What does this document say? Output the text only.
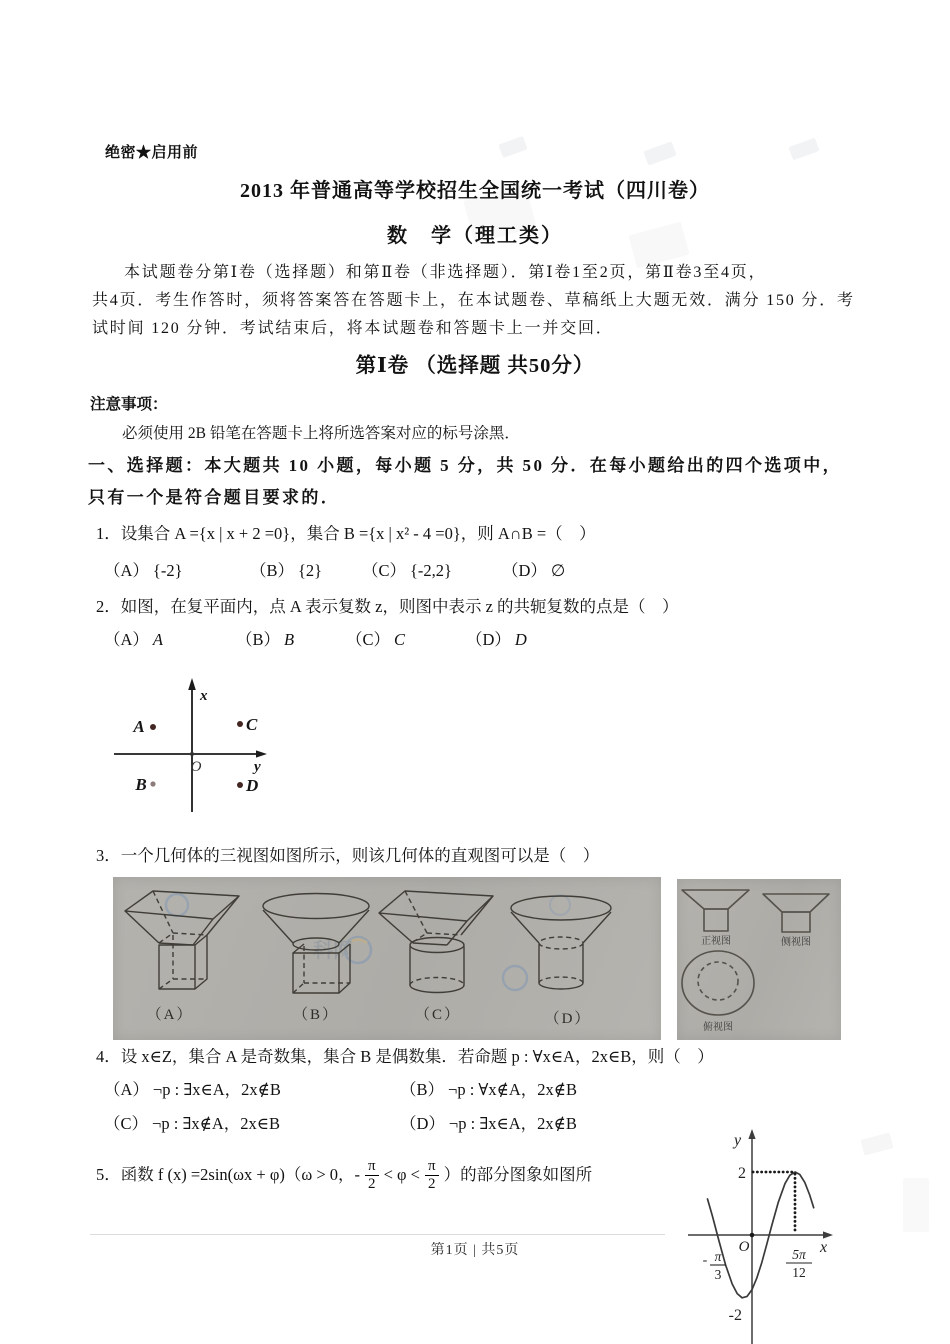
绝密★启用前
2013 年普通高等学校招生全国统一考试（四川卷）
数　学（理工类）
本试题卷分第Ⅰ卷（选择题）和第Ⅱ卷（非选择题）．第Ⅰ卷1至2页，第Ⅱ卷3至4页，
共4页．考生作答时，须将答案答在答题卡上，在本试题卷、草稿纸上大题无效．满分 150 分．考
试时间 120 分钟．考试结束后，将本试题卷和答题卡上一并交回．
第Ⅰ卷 （选择题 共50分）
注意事项：
必须使用 2B 铅笔在答题卡上将所选答案对应的标号涂黑．
一、选择题：本大题共 10 小题，每小题 5 分，共 50 分．在每小题给出的四个选项中，
只有一个是符合题目要求的．
1．设集合 A ={x | x + 2 =0}，集合 B ={x | x² - 4 =0}，则 A∩B =（　）
（A） {-2}	（B） {2}	（C） {-2,2}	（D） ∅
2．如图，在复平面内，点 A 表示复数 z，则图中表示 z 的共轭复数的点是（　）
（A） A	（B） B	（C） C	（D） D
x
y
O
A	C
B	D
3．一个几何体的三视图如图所示，则该几何体的直观图可以是（　）
科网
（A）	（B）	（C）	（D）
正视图	侧视图
俯视图
4．设 x∈Z，集合 A 是奇数集，集合 B 是偶数集．若命题 p : ∀x∈A，2x∈B，则（　）
（A） ¬p : ∃x∈A，2x∉B	（B） ¬p : ∀x∉A，2x∉B
（C） ¬p : ∃x∉A，2x∈B	（D） ¬p : ∃x∈A，2x∉B
5．函数 f (x) =2sin(ωx + φ)（ω > 0，- $\frac{\pi}{2} < \varphi < \frac{\pi}{2}$ ）的部分图象如图所
y
2
O	x
-2
- π
3
5π
12
第1页 | 共5页
